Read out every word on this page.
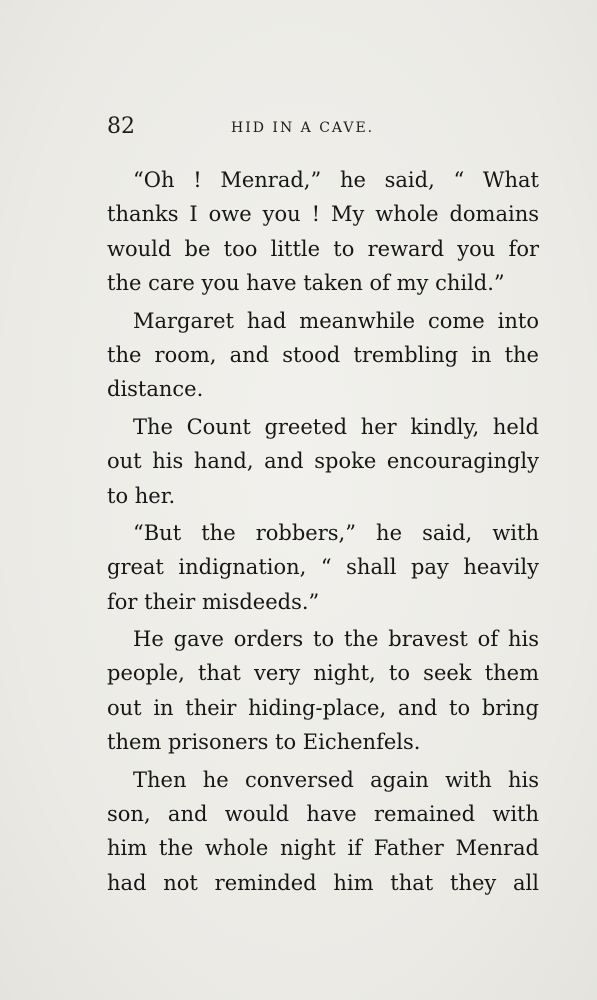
82	HID IN A CAVE.
“Oh ! Menrad,” he said, “ What
thanks I owe you ! My whole domains
would be too little to reward you for
the care you have taken of my child.”
Margaret had meanwhile come into
the room, and stood trembling in the
distance.
The Count greeted her kindly, held
out his hand, and spoke encouragingly
to her.
“But the robbers,” he said, with
great indignation, “ shall pay heavily
for their misdeeds.”
He gave orders to the bravest of his
people, that very night, to seek them
out in their hiding-place, and to bring
them prisoners to Eichenfels.
Then he conversed again with his
son, and would have remained with
him the whole night if Father Menrad
had not reminded him that they all
